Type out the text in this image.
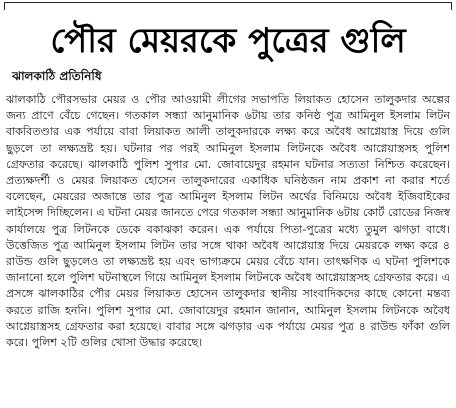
পৌর মেয়রকে পুত্রের গুলি

ঝালকাঠি প্রতিনিধি

ঝালকাঠি পৌরসভার মেয়র ও পৌর আওয়ামী লীগের সভাপতি লিয়াকত হোসেন তালুকদার অল্পের জন্য প্রাণে বেঁচে গেছেন। গতকাল সন্ধ্যা আনুমানিক ৬টায় তার কনিষ্ঠ পুত্র আমিনুল ইসলাম লিটন বাকবিতণ্ডার এক পর্যায়ে বাবা লিয়াকত আলী তালুকদারকে লক্ষ্য করে অবৈধ আগ্নেয়াস্ত্র দিয়ে গুলি ছুড়লে তা লক্ষ্যভ্রষ্ট হয়। ঘটনার পর পরই আমিনুল ইসলাম লিটনকে অবৈধ আগ্নেয়াস্ত্রসহ পুলিশ গ্রেফতার করেছে। ঝালকাঠি পুলিশ সুপার মো. জোবায়েদুর রহমান ঘটনার সত্যতা নিশ্চিত করেছেন। প্রত্যক্ষদর্শী ও মেয়র লিয়াকত হোসেন তালুকদারের একাধিক ঘনিষ্ঠজন নাম প্রকাশ না করার শর্তে বলেছেন, মেয়রের অজান্তে তার পুত্র আমিনুল ইসলাম লিটন অর্থের বিনিময়ে অবৈধ ইজিবাইকের লাইসেন্স দিচ্ছিলেন। এ ঘটনা মেয়র জানতে পেরে গতকাল সন্ধ্যা আনুমানিক ৬টায় কোর্ট রোডের নিজস্ব কার্যালয়ে পুত্র লিটনকে ডেকে বকাঝকা করেন। এক পর্যায়ে পিতা-পুত্রের মধ্যে তুমুল ঝগড়া বাধে। উত্তেজিত পুত্র আমিনুল ইসলাম লিটন তার সঙ্গে থাকা অবৈধ আগ্নেয়াস্ত্র দিয়ে মেয়রকে লক্ষ্য করে ৪ রাউন্ড গুলি ছুড়লেও তা লক্ষ্যভ্রষ্ট হয় এবং ভাগ্যক্রমে মেয়র বেঁচে যান। তাৎক্ষণিক এ ঘটনা পুলিশকে জানানো হলে পুলিশ ঘটনাস্থলে গিয়ে আমিনুল ইসলাম লিটনকে অবৈধ আগ্নেয়াস্ত্রসহ গ্রেফতার করে। এ প্রসঙ্গে ঝালকাঠির পৌর মেয়র লিয়াকত হোসেন তালুকদার স্থানীয় সাংবাদিকদের কাছে কোনো মন্তব্য করতে রাজি হননি। পুলিশ সুপার মো. জোবায়েদুর রহমান জানান, আমিনুল ইসলাম লিটনকে অবৈধ আগ্নেয়াস্ত্রসহ গ্রেফতার করা হয়েছে। বাবার সঙ্গে ঝগড়ার এক পর্যায়ে মেয়র পুত্র ৪ রাউন্ড ফাঁকা গুলি করে। পুলিশ ২টি গুলির খোসা উদ্ধার করেছে।
